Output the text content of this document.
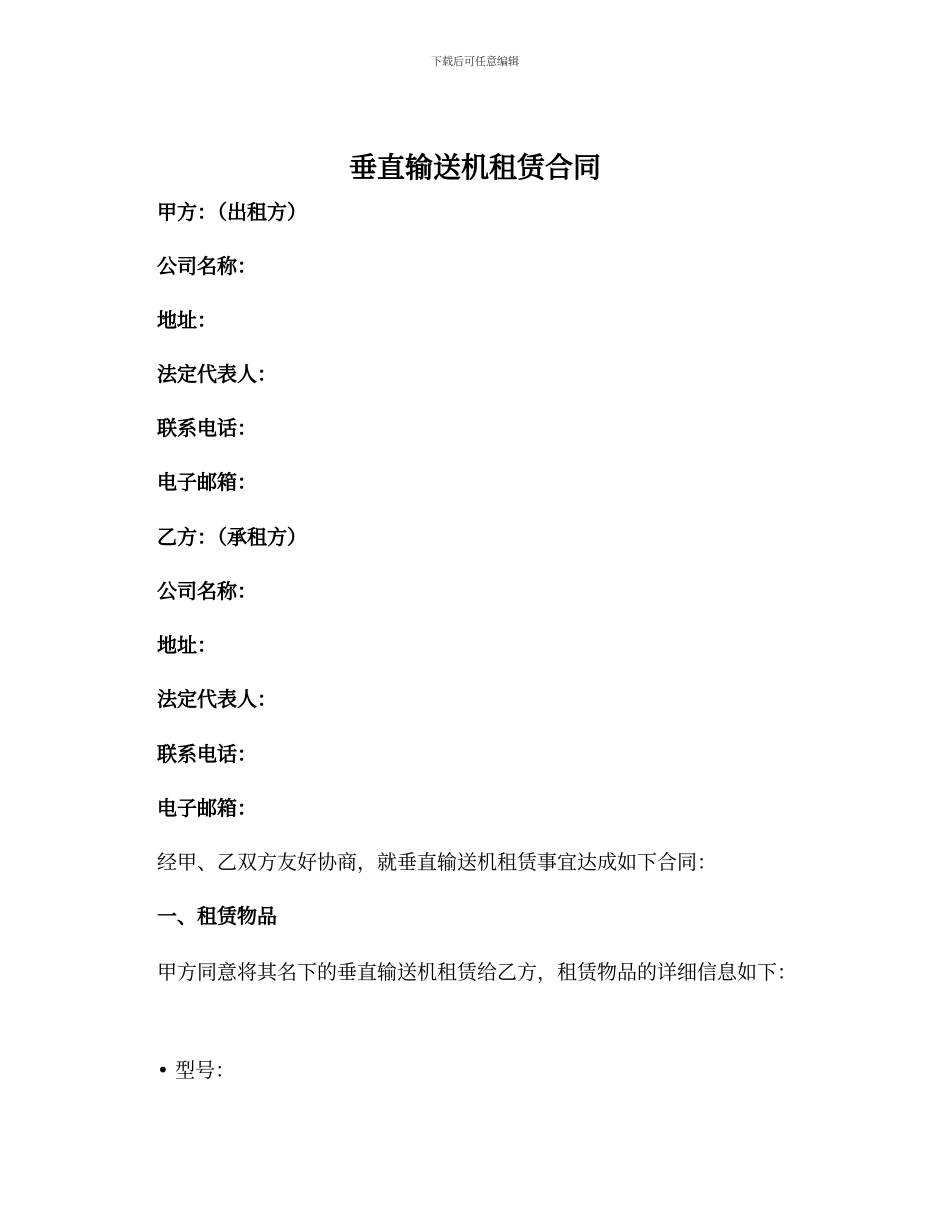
下载后可任意编辑
垂直输送机租赁合同
甲方：（出租方）
公司名称：
地址：
法定代表人：
联系电话：
电子邮箱：
乙方：（承租方）
公司名称：
地址：
法定代表人：
联系电话：
电子邮箱：
经甲、乙双方友好协商，就垂直输送机租赁事宜达成如下合同：
一、租赁物品
甲方同意将其名下的垂直输送机租赁给乙方，租赁物品的详细信息如下：
• 型号：
